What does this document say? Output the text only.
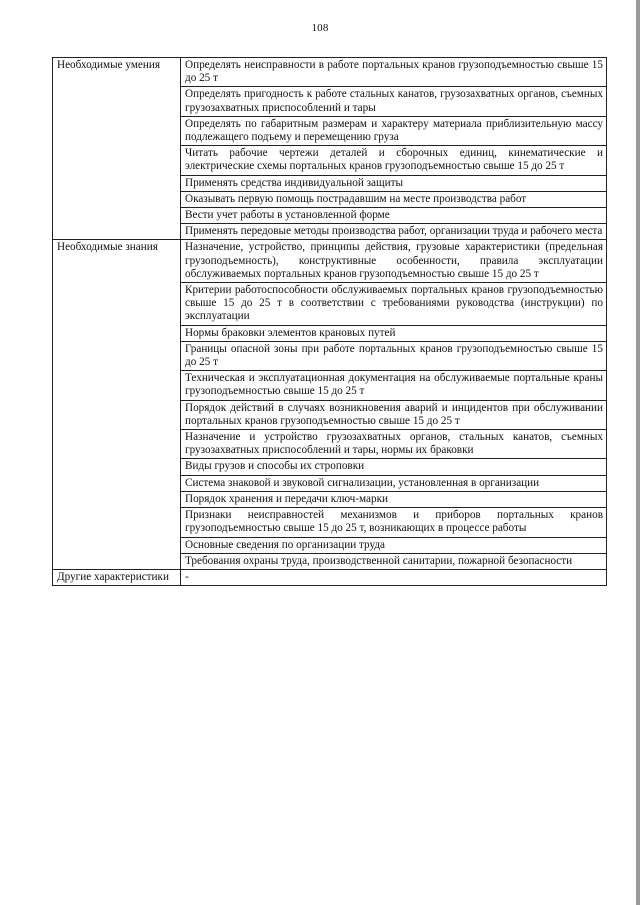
108
Необходимые умения	Определять неисправности в работе портальных кранов грузоподъемностью свыше 15 до 25 т
	Определять пригодность к работе стальных канатов, грузозахватных органов, съемных грузозахватных приспособлений и тары
	Определять по габаритным размерам и характеру материала приблизительную массу подлежащего подъему и перемещению груза
	Читать рабочие чертежи деталей и сборочных единиц, кинематические и электрические схемы портальных кранов грузоподъемностью свыше 15 до 25 т
	Применять средства индивидуальной защиты
	Оказывать первую помощь пострадавшим на месте производства работ
	Вести учет работы в установленной форме
	Применять передовые методы производства работ, организации труда и рабочего места
Необходимые знания	Назначение, устройство, принципы действия, грузовые характеристики (предельная грузоподъемность), конструктивные особенности, правила эксплуатации обслуживаемых портальных кранов грузоподъемностью свыше 15 до 25 т
	Критерии работоспособности обслуживаемых портальных кранов грузоподъемностью свыше 15 до 25 т в соответствии с требованиями руководства (инструкции) по эксплуатации
	Нормы браковки элементов крановых путей
	Границы опасной зоны при работе портальных кранов грузоподъемностью свыше 15 до 25 т
	Техническая и эксплуатационная документация на обслуживаемые портальные краны грузоподъемностью свыше 15 до 25 т
	Порядок действий в случаях возникновения аварий и инцидентов при обслуживании портальных кранов грузоподъемностью свыше 15 до 25 т
	Назначение и устройство грузозахватных органов, стальных канатов, съемных грузозахватных приспособлений и тары, нормы их браковки
	Виды грузов и способы их строповки
	Система знаковой и звуковой сигнализации, установленная в организации
	Порядок хранения и передачи ключ-марки
	Признаки неисправностей механизмов и приборов портальных кранов грузоподъемностью свыше 15 до 25 т, возникающих в процессе работы
	Основные сведения по организации труда
	Требования охраны труда, производственной санитарии, пожарной безопасности
Другие характеристики	-
